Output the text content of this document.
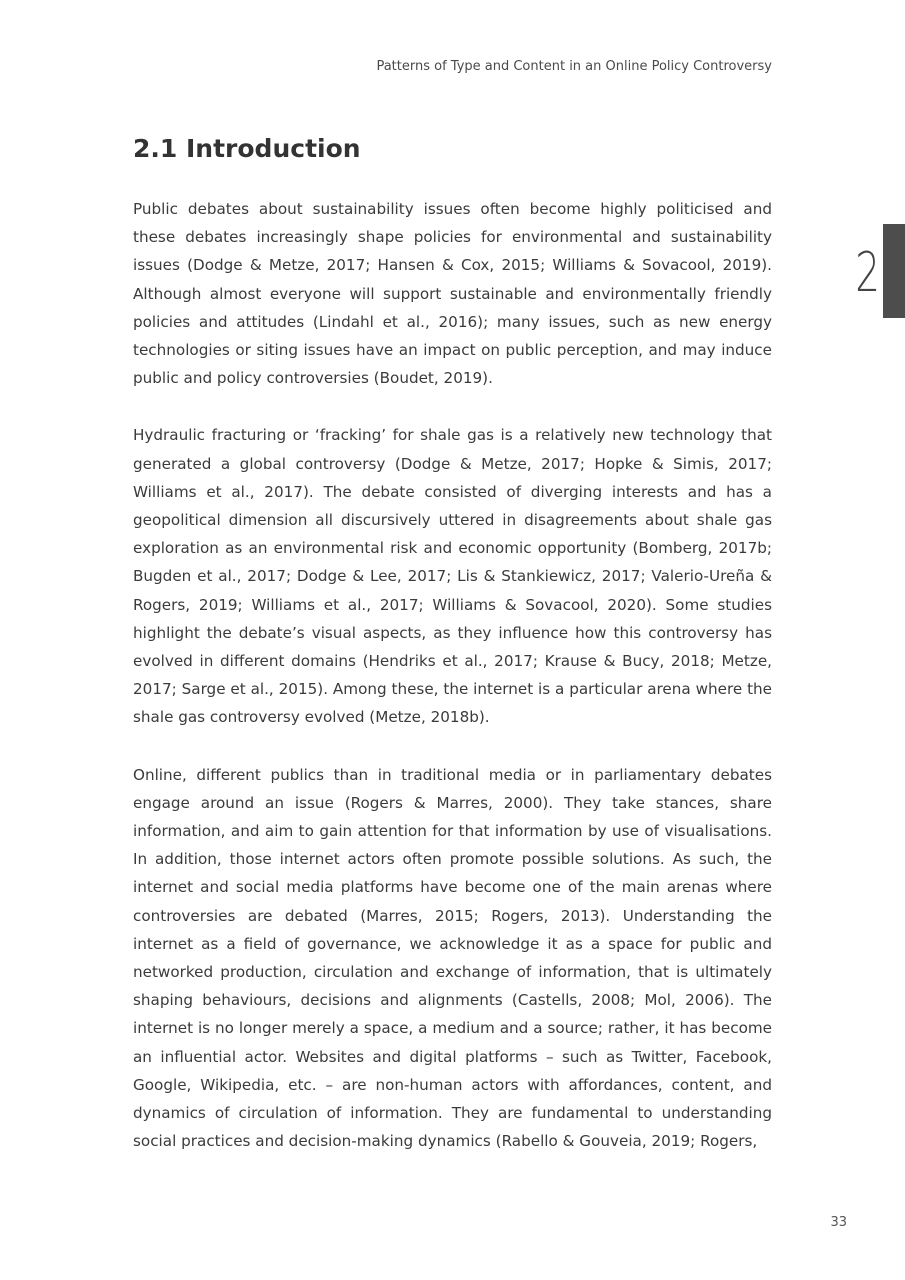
Patterns of Type and Content in an Online Policy Controversy
2.1 Introduction
2

Public debates about sustainability issues often become highly politicised and these debates increasingly shape policies for environmental and sustainability issues (Dodge & Metze, 2017; Hansen & Cox, 2015; Williams & Sovacool, 2019). Although almost everyone will support sustainable and environmentally friendly policies and attitudes (Lindahl et al., 2016); many issues, such as new energy technologies or siting issues have an impact on public perception, and may induce public and policy controversies (Boudet, 2019).

Hydraulic fracturing or ‘fracking’ for shale gas is a relatively new technology that generated a global controversy (Dodge & Metze, 2017; Hopke & Simis, 2017; Williams et al., 2017). The debate consisted of diverging interests and has a geopolitical dimension all discursively uttered in disagreements about shale gas exploration as an environmental risk and economic opportunity (Bomberg, 2017b; Bugden et al., 2017; Dodge & Lee, 2017; Lis & Stankiewicz, 2017; Valerio-Ureña & Rogers, 2019; Williams et al., 2017; Williams & Sovacool, 2020). Some studies highlight the debate’s visual aspects, as they influence how this controversy has evolved in different domains (Hendriks et al., 2017; Krause & Bucy, 2018; Metze, 2017; Sarge et al., 2015). Among these, the internet is a particular arena where the shale gas controversy evolved (Metze, 2018b).

Online, different publics than in traditional media or in parliamentary debates engage around an issue (Rogers & Marres, 2000). They take stances, share information, and aim to gain attention for that information by use of visualisations. In addition, those internet actors often promote possible solutions. As such, the internet and social media platforms have become one of the main arenas where controversies are debated (Marres, 2015; Rogers, 2013). Understanding the internet as a field of governance, we acknowledge it as a space for public and networked production, circulation and exchange of information, that is ultimately shaping behaviours, decisions and alignments (Castells, 2008; Mol, 2006). The internet is no longer merely a space, a medium and a source; rather, it has become an influential actor. Websites and digital platforms – such as Twitter, Facebook, Google, Wikipedia, etc. – are non-human actors with affordances, content, and dynamics of circulation of information. They are fundamental to understanding social practices and decision-making dynamics (Rabello & Gouveia, 2019; Rogers,

33
